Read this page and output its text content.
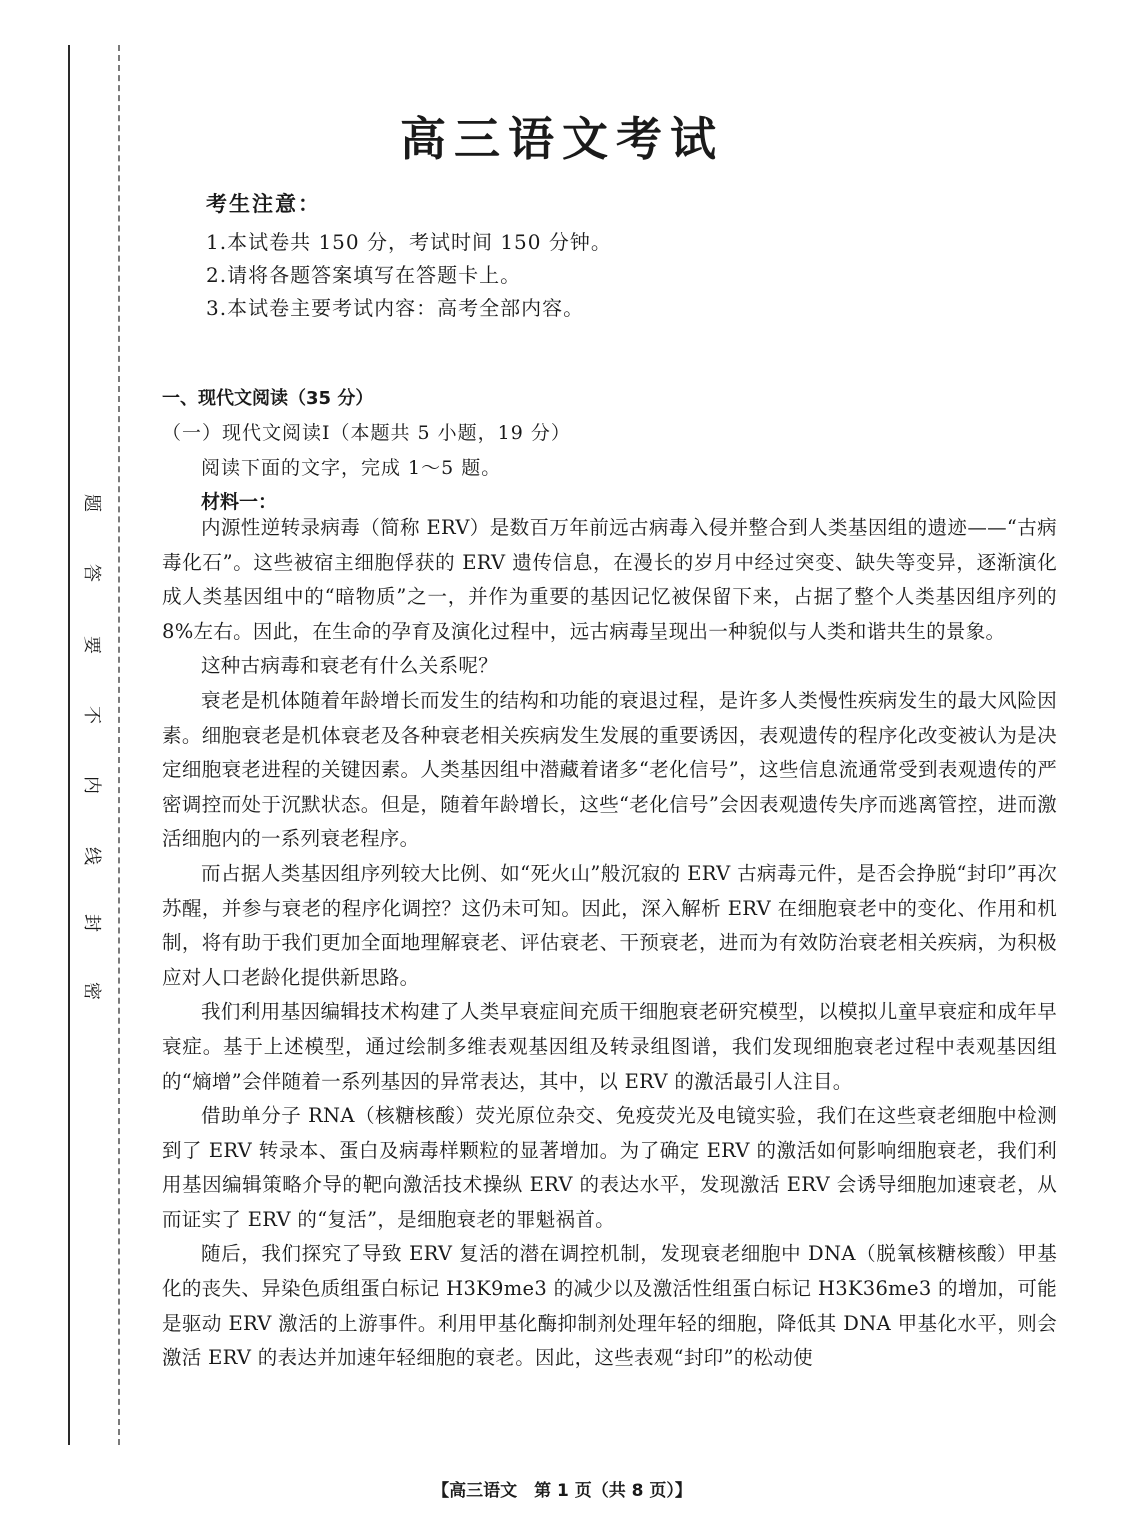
题
答
要
不
内
线
封
密
高三语文考试
考生注意：
1.本试卷共 150 分，考试时间 150 分钟。
2.请将各题答案填写在答题卡上。
3.本试卷主要考试内容：高考全部内容。
一、现代文阅读（35 分）
（一）现代文阅读Ⅰ（本题共 5 小题，19 分）
阅读下面的文字，完成 1～5 题。
材料一：

内源性逆转录病毒（简称 ERV）是数百万年前远古病毒入侵并整合到人类基因组的遗迹——“古病毒化石”。这些被宿主细胞俘获的 ERV 遗传信息，在漫长的岁月中经过突变、缺失等变异，逐渐演化成人类基因组中的“暗物质”之一，并作为重要的基因记忆被保留下来，占据了整个人类基因组序列的 8%左右。因此，在生命的孕育及演化过程中，远古病毒呈现出一种貌似与人类和谐共生的景象。

这种古病毒和衰老有什么关系呢？

衰老是机体随着年龄增长而发生的结构和功能的衰退过程，是许多人类慢性疾病发生的最大风险因素。细胞衰老是机体衰老及各种衰老相关疾病发生发展的重要诱因，表观遗传的程序化改变被认为是决定细胞衰老进程的关键因素。人类基因组中潜藏着诸多“老化信号”，这些信息流通常受到表观遗传的严密调控而处于沉默状态。但是，随着年龄增长，这些“老化信号”会因表观遗传失序而逃离管控，进而激活细胞内的一系列衰老程序。

而占据人类基因组序列较大比例、如“死火山”般沉寂的 ERV 古病毒元件，是否会挣脱“封印”再次苏醒，并参与衰老的程序化调控？这仍未可知。因此，深入解析 ERV 在细胞衰老中的变化、作用和机制，将有助于我们更加全面地理解衰老、评估衰老、干预衰老，进而为有效防治衰老相关疾病，为积极应对人口老龄化提供新思路。

我们利用基因编辑技术构建了人类早衰症间充质干细胞衰老研究模型，以模拟儿童早衰症和成年早衰症。基于上述模型，通过绘制多维表观基因组及转录组图谱，我们发现细胞衰老过程中表观基因组的“熵增”会伴随着一系列基因的异常表达，其中，以 ERV 的激活最引人注目。

借助单分子 RNA（核糖核酸）荧光原位杂交、免疫荧光及电镜实验，我们在这些衰老细胞中检测到了 ERV 转录本、蛋白及病毒样颗粒的显著增加。为了确定 ERV 的激活如何影响细胞衰老，我们利用基因编辑策略介导的靶向激活技术操纵 ERV 的表达水平，发现激活 ERV 会诱导细胞加速衰老，从而证实了 ERV 的“复活”，是细胞衰老的罪魁祸首。

随后，我们探究了导致 ERV 复活的潜在调控机制，发现衰老细胞中 DNA（脱氧核糖核酸）甲基化的丧失、异染色质组蛋白标记 H3K9me3 的减少以及激活性组蛋白标记 H3K36me3 的增加，可能是驱动 ERV 激活的上游事件。利用甲基化酶抑制剂处理年轻的细胞，降低其 DNA 甲基化水平，则会激活 ERV 的表达并加速年轻细胞的衰老。因此，这些表观“封印”的松动使

【高三语文　第 1 页（共 8 页）】
